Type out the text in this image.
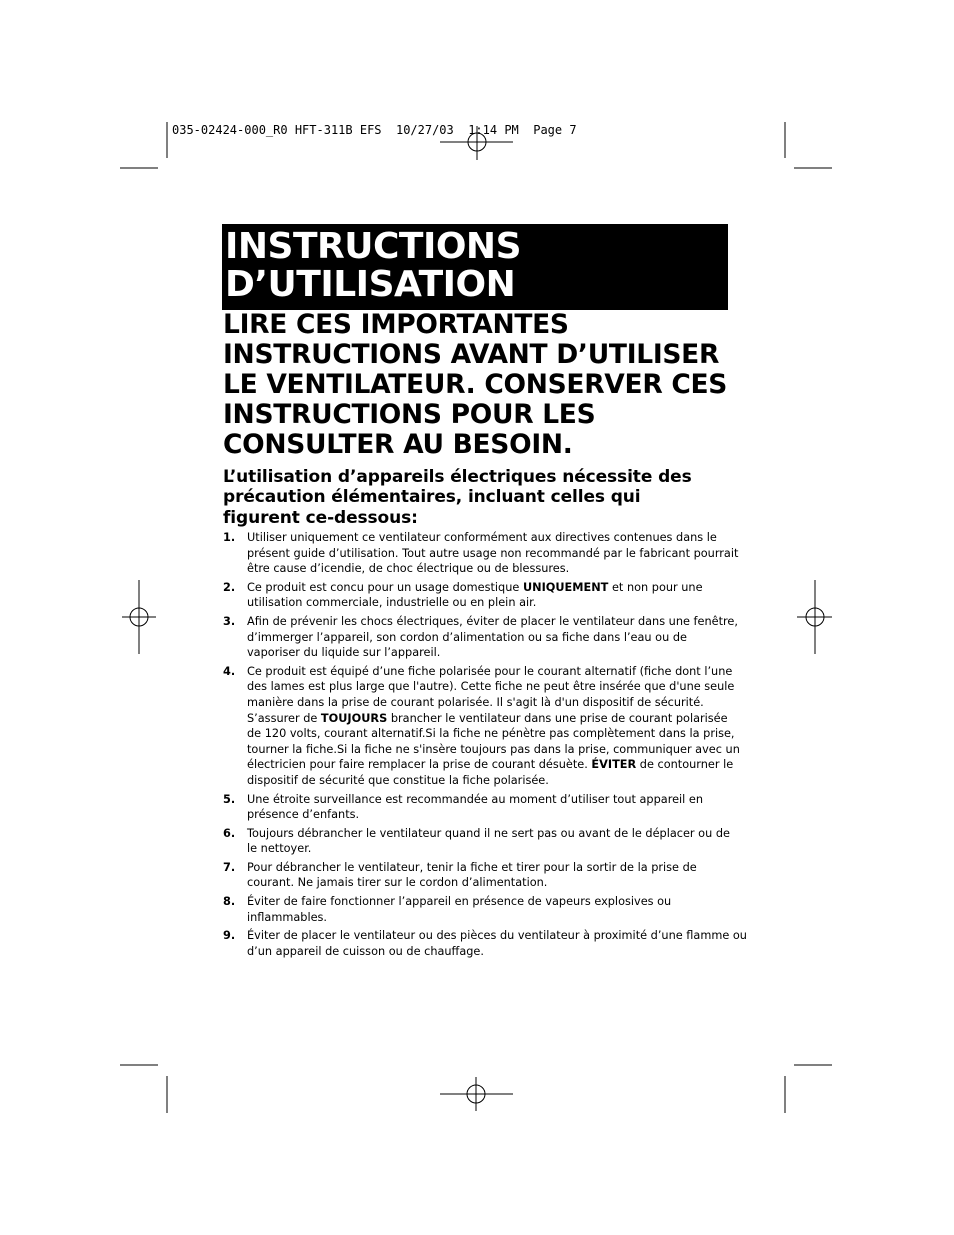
035-02424-000_R0 HFT-311B EFS  10/27/03  1:14 PM  Page 7
INSTRUCTIONS
D’UTILISATION
LIRE CES IMPORTANTES
INSTRUCTIONS AVANT D’UTILISER
LE VENTILATEUR. CONSERVER CES
INSTRUCTIONS POUR LES
CONSULTER AU BESOIN.
L’utilisation d’appareils électriques nécessite des
précaution élémentaires, incluant celles qui
figurent ce-dessous:
1. Utiliser uniquement ce ventilateur conformément aux directives contenues dans le
présent guide d’utilisation. Tout autre usage non recommandé par le fabricant pourrait
être cause d’icendie, de choc électrique ou de blessures.
2. Ce produit est concu pour un usage domestique UNIQUEMENT et non pour une
utilisation commerciale, industrielle ou en plein air.
3. Afin de prévenir les chocs électriques, éviter de placer le ventilateur dans une fenêtre,
d’immerger l’appareil, son cordon d’alimentation ou sa fiche dans l’eau ou de
vaporiser du liquide sur l’appareil.
4. Ce produit est équipé d’une fiche polarisée pour le courant alternatif (fiche dont l’une
des lames est plus large que l'autre). Cette fiche ne peut être insérée que d'une seule
manière dans la prise de courant polarisée. Il s'agit là d'un dispositif de sécurité.
S’assurer de TOUJOURS brancher le ventilateur dans une prise de courant polarisée
de 120 volts, courant alternatif.Si la fiche ne pénètre pas complètement dans la prise,
tourner la fiche.Si la fiche ne s'insère toujours pas dans la prise, communiquer avec un
électricien pour faire remplacer la prise de courant désuète. ÉVITER de contourner le
dispositif de sécurité que constitue la fiche polarisée.
5. Une étroite surveillance est recommandée au moment d’utiliser tout appareil en
présence d’enfants.
6. Toujours débrancher le ventilateur quand il ne sert pas ou avant de le déplacer ou de
le nettoyer.
7. Pour débrancher le ventilateur, tenir la fiche et tirer pour la sortir de la prise de
courant. Ne jamais tirer sur le cordon d’alimentation.
8. Éviter de faire fonctionner l’appareil en présence de vapeurs explosives ou
inflammables.
9. Éviter de placer le ventilateur ou des pièces du ventilateur à proximité d’une flamme ou
d’un appareil de cuisson ou de chauffage.
